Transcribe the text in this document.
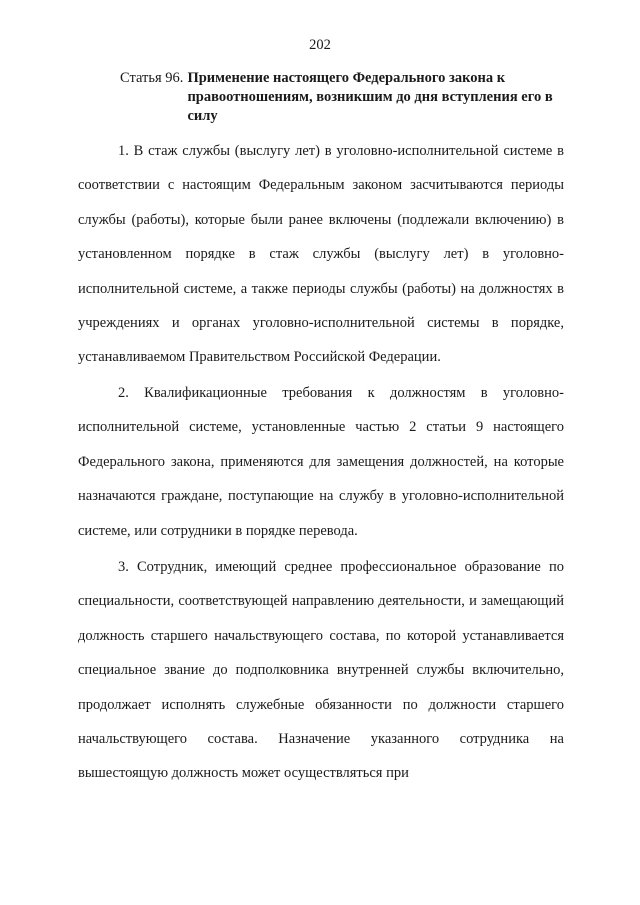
202
Статья 96. Применение настоящего Федерального закона к правоотношениям, возникшим до дня вступления его в силу

1. В стаж службы (выслугу лет) в уголовно-исполнительной системе в соответствии с настоящим Федеральным законом засчитываются периоды службы (работы), которые были ранее включены (подлежали включению) в установленном порядке в стаж службы (выслугу лет) в уголовно-исполнительной системе, а также периоды службы (работы) на должностях в учреждениях и органах уголовно-исполнительной системы в порядке, устанавливаемом Правительством Российской Федерации.

2. Квалификационные требования к должностям в уголовно-исполнительной системе, установленные частью 2 статьи 9 настоящего Федерального закона, применяются для замещения должностей, на которые назначаются граждане, поступающие на службу в уголовно-исполнительной системе, или сотрудники в порядке перевода.

3. Сотрудник, имеющий среднее профессиональное образование по специальности, соответствующей направлению деятельности, и замещающий должность старшего начальствующего состава, по которой устанавливается специальное звание до подполковника внутренней службы включительно, продолжает исполнять служебные обязанности по должности старшего начальствующего состава. Назначение указанного сотрудника на вышестоящую должность может осуществляться при
